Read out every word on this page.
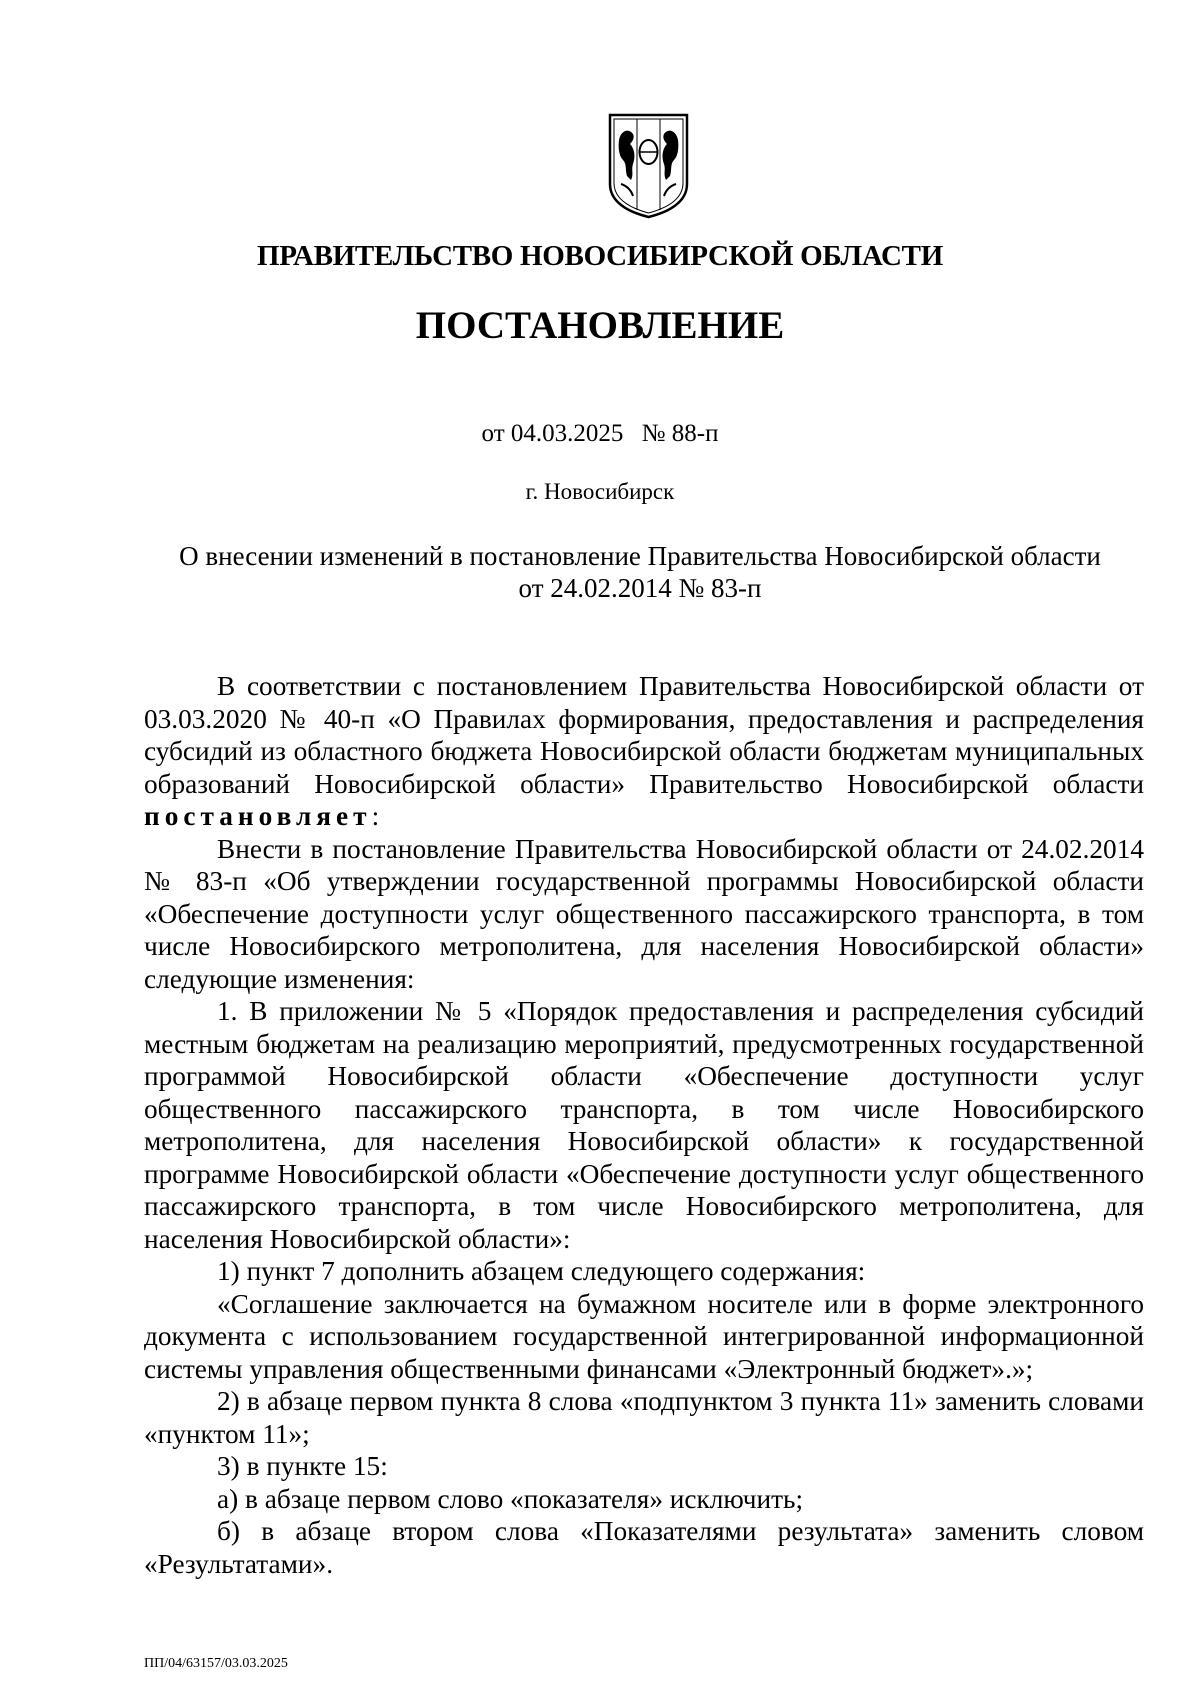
ПРАВИТЕЛЬСТВО НОВОСИБИРСКОЙ ОБЛАСТИ
ПОСТАНОВЛЕНИЕ
от 04.03.2025 № 88-п
г. Новосибирск
О внесении изменений в постановление Правительства Новосибирской области
от 24.02.2014 № 83-п

В соответствии с постановлением Правительства Новосибирской области от 03.03.2020 № 40-п «О Правилах формирования, предоставления и распределения субсидий из областного бюджета Новосибирской области бюджетам муниципальных образований Новосибирской области» Правительство Новосибирской области постановляет:

Внести в постановление Правительства Новосибирской области от 24.02.2014 № 83-п «Об утверждении государственной программы Новосибирской области «Обеспечение доступности услуг общественного пассажирского транспорта, в том числе Новосибирского метрополитена, для населения Новосибирской области» следующие изменения:

1. В приложении № 5 «Порядок предоставления и распределения субсидий местным бюджетам на реализацию мероприятий, предусмотренных государственной программой Новосибирской области «Обеспечение доступности услуг общественного пассажирского транспорта, в том числе Новосибирского метрополитена, для населения Новосибирской области» к государственной программе Новосибирской области «Обеспечение доступности услуг общественного пассажирского транспорта, в том числе Новосибирского метрополитена, для населения Новосибирской области»:

1) пункт 7 дополнить абзацем следующего содержания:

«Соглашение заключается на бумажном носителе или в форме электронного документа с использованием государственной интегрированной информационной системы управления общественными финансами «Электронный бюджет».»;

2) в абзаце первом пункта 8 слова «подпунктом 3 пункта 11» заменить словами «пунктом 11»;

3) в пункте 15:

а) в абзаце первом слово «показателя» исключить;

б) в абзаце втором слова «Показателями результата» заменить словом «Результатами».

ПП/04/63157/03.03.2025
